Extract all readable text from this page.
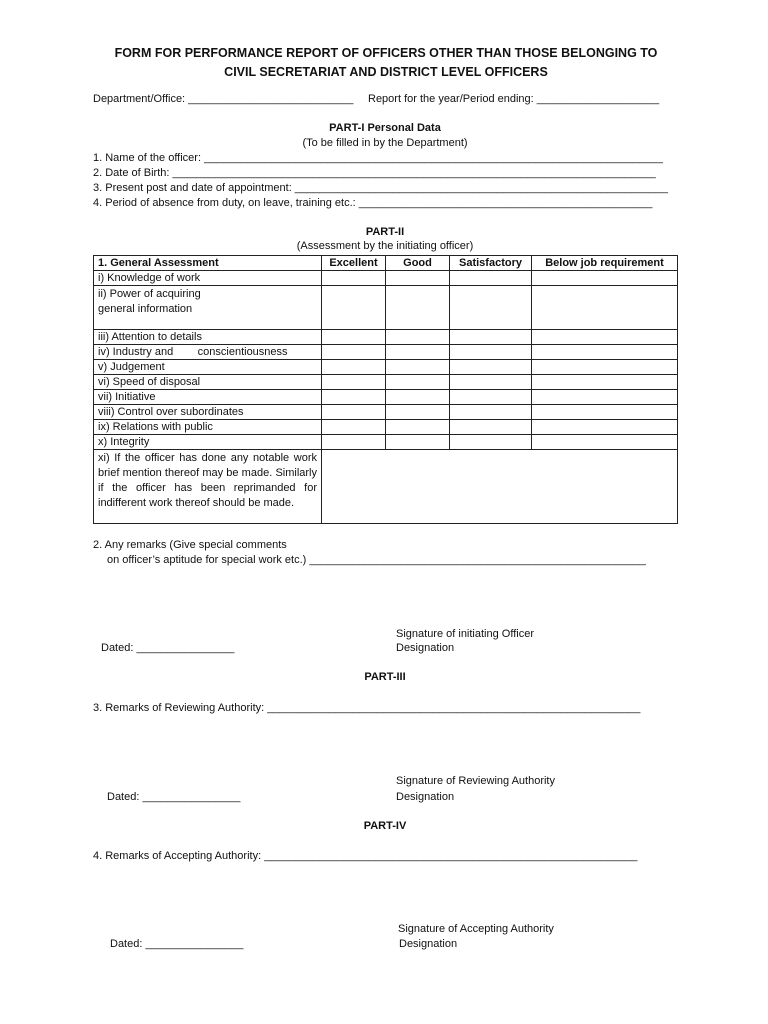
FORM FOR PERFORMANCE REPORT OF OFFICERS OTHER THAN THOSE BELONGING TO
CIVIL SECRETARIAT AND DISTRICT LEVEL OFFICERS
Department/Office: ___________________________ Report for the year/Period ending: ____________________
PART-I Personal Data
(To be filled in by the Department)
1. Name of the officer: ___________________________________________________________________________
2. Date of Birth: _______________________________________________________________________________
3. Present post and date of appointment: _____________________________________________________________
4. Period of absence from duty, on leave, training etc.: ________________________________________________
PART-II
(Assessment by the initiating officer)
1. General Assessment	Excellent	Good	Satisfactory	Below job requirement
i) Knowledge of work				
ii) Power of acquiring
general information				
iii) Attention to details				
iv) Industry and        conscientiousness				
v) Judgement				
vi) Speed of disposal				
vii) Initiative				
viii) Control over subordinates				
ix) Relations with public				
x) Integrity				
xi) If the officer has done any notable work brief mention thereof may be made. Similarly if the officer has been reprimanded for indifferent work thereof should be made.				
2. Any remarks (Give special comments
on officer’s aptitude for special work etc.) _______________________________________________________
Signature of initiating Officer
Dated: ________________	Designation
PART-III
3. Remarks of Reviewing Authority: _____________________________________________________________
Signature of Reviewing Authority
Dated: ________________	Designation
PART-IV
4. Remarks of Accepting Authority: _____________________________________________________________
Signature of Accepting Authority
Dated: ________________	Designation
